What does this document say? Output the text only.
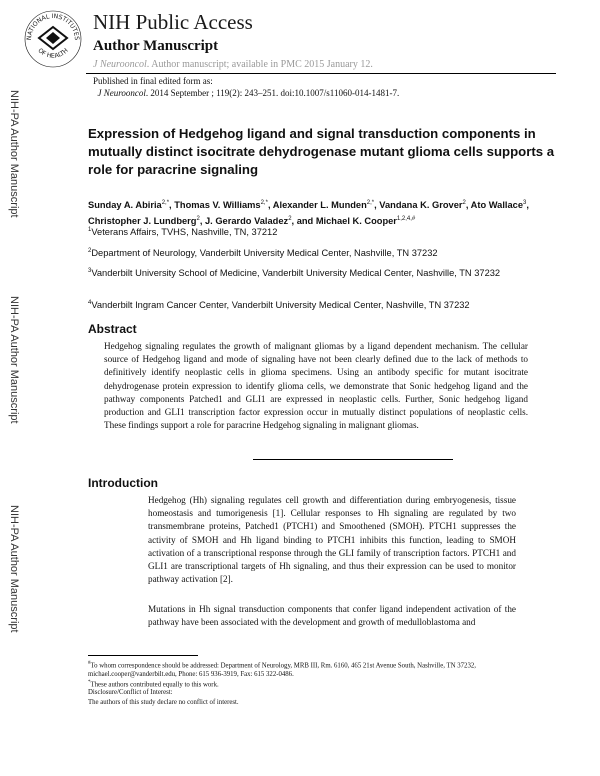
NATIONAL INSTITUTES
OF HEALTH
NIH Public Access
Author Manuscript
J Neurooncol. Author manuscript; available in PMC 2015 January 12.
Published in final edited form as:
J Neurooncol. 2014 September ; 119(2): 243–251. doi:10.1007/s11060-014-1481-7.
NIH-PA Author Manuscript
NIH-PA Author Manuscript
NIH-PA Author Manuscript
Expression of Hedgehog ligand and signal transduction components in mutually distinct isocitrate dehydrogenase mutant glioma cells supports a role for paracrine signaling
Sunday A. Abiria$^{2,*}$, Thomas V. Williams$^{2,*}$, Alexander L. Munden$^{2,*}$, Vandana K. Grover$^2$, Ato Wallace$^3$, Christopher J. Lundberg$^2$, J. Gerardo Valadez$^2$, and Michael K. Cooper$^{1,2,4,\#}$
$^1$Veterans Affairs, TVHS, Nashville, TN, 37212
$^2$Department of Neurology, Vanderbilt University Medical Center, Nashville, TN 37232
$^3$Vanderbilt University School of Medicine, Vanderbilt University Medical Center, Nashville, TN 37232
$^4$Vanderbilt Ingram Cancer Center, Vanderbilt University Medical Center, Nashville, TN 37232
Abstract

Hedgehog signaling regulates the growth of malignant gliomas by a ligand dependent mechanism. The cellular source of Hedgehog ligand and mode of signaling have not been clearly defined due to the lack of methods to definitively identify neoplastic cells in glioma specimens. Using an antibody specific for mutant isocitrate dehydrogenase protein expression to identify glioma cells, we demonstrate that Sonic hedgehog ligand and the pathway components Patched1 and GLI1 are expressed in neoplastic cells. Further, Sonic hedgehog ligand production and GLI1 transcription factor expression occur in mutually distinct populations of neoplastic cells. These findings support a role for paracrine Hedgehog signaling in malignant gliomas.

Introduction

Hedgehog (Hh) signaling regulates cell growth and differentiation during embryogenesis, tissue homeostasis and tumorigenesis [1]. Cellular responses to Hh signaling are regulated by two transmembrane proteins, Patched1 (PTCH1) and Smoothened (SMOH). PTCH1 suppresses the activity of SMOH and Hh ligand binding to PTCH1 inhibits this function, leading to SMOH activation of a transcriptional response through the GLI family of transcription factors. PTCH1 and GLI1 are transcriptional targets of Hh signaling, and thus their expression can be used to monitor pathway activation [2].

Mutations in Hh signal transduction components that confer ligand independent activation of the pathway have been associated with the development and growth of medulloblastoma and

#To whom correspondence should be addressed: Department of Neurology, MRB III, Rm. 6160, 465 21st Avenue South, Nashville, TN 37232, michael.cooper@vanderbilt.edu, Phone: 615 936-3919, Fax: 615 322-0486.
*These authors contributed equally to this work.
Disclosure/Conflict of Interest:
The authors of this study declare no conflict of interest.
